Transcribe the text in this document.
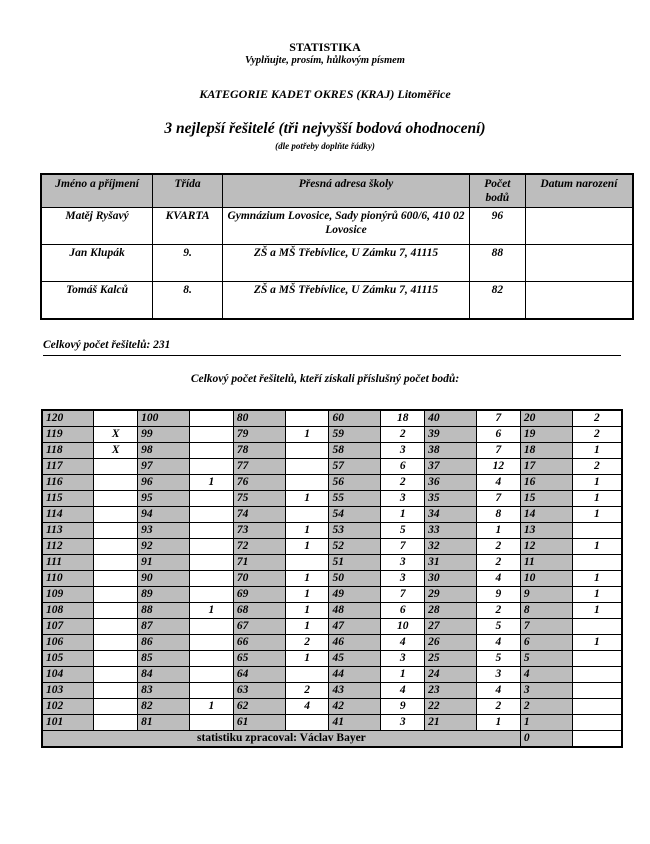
STATISTIKA
Vyplňujte, prosím, hůlkovým písmem
KATEGORIE KADET OKRES (KRAJ) Litoměřice
3 nejlepší řešitelé (tři nejvyšší bodová ohodnocení)
(dle potřeby doplňte řádky)
Jméno a příjmení	Třída	Přesná adresa školy	Počet bodů	Datum narození
Matěj Ryšavý	KVARTA	Gymnázium Lovosice, Sady pionýrů 600/6, 410 02 Lovosice	96	
Jan Klupák	9.	ZŠ a MŠ Třebívlice, U Zámku 7, 41115	88	
Tomáš Kalců	8.	ZŠ a MŠ Třebívlice, U Zámku 7, 41115	82	
Celkový počet řešitelů: 231
Celkový počet řešitelů, kteří získali příslušný počet bodů:
120		100		80		60	18	40	7	20	2
119	X	99		79	1	59	2	39	6	19	2
118	X	98		78		58	3	38	7	18	1
117		97		77		57	6	37	12	17	2
116		96	1	76		56	2	36	4	16	1
115		95		75	1	55	3	35	7	15	1
114		94		74		54	1	34	8	14	1
113		93		73	1	53	5	33	1	13	
112		92		72	1	52	7	32	2	12	1
111		91		71		51	3	31	2	11	
110		90		70	1	50	3	30	4	10	1
109		89		69	1	49	7	29	9	9	1
108		88	1	68	1	48	6	28	2	8	1
107		87		67	1	47	10	27	5	7	
106		86		66	2	46	4	26	4	6	1
105		85		65	1	45	3	25	5	5	
104		84		64		44	1	24	3	4	
103		83		63	2	43	4	23	4	3	
102		82	1	62	4	42	9	22	2	2	
101		81		61		41	3	21	1	1	
statistiku zpracoval: Václav Bayer										0	
